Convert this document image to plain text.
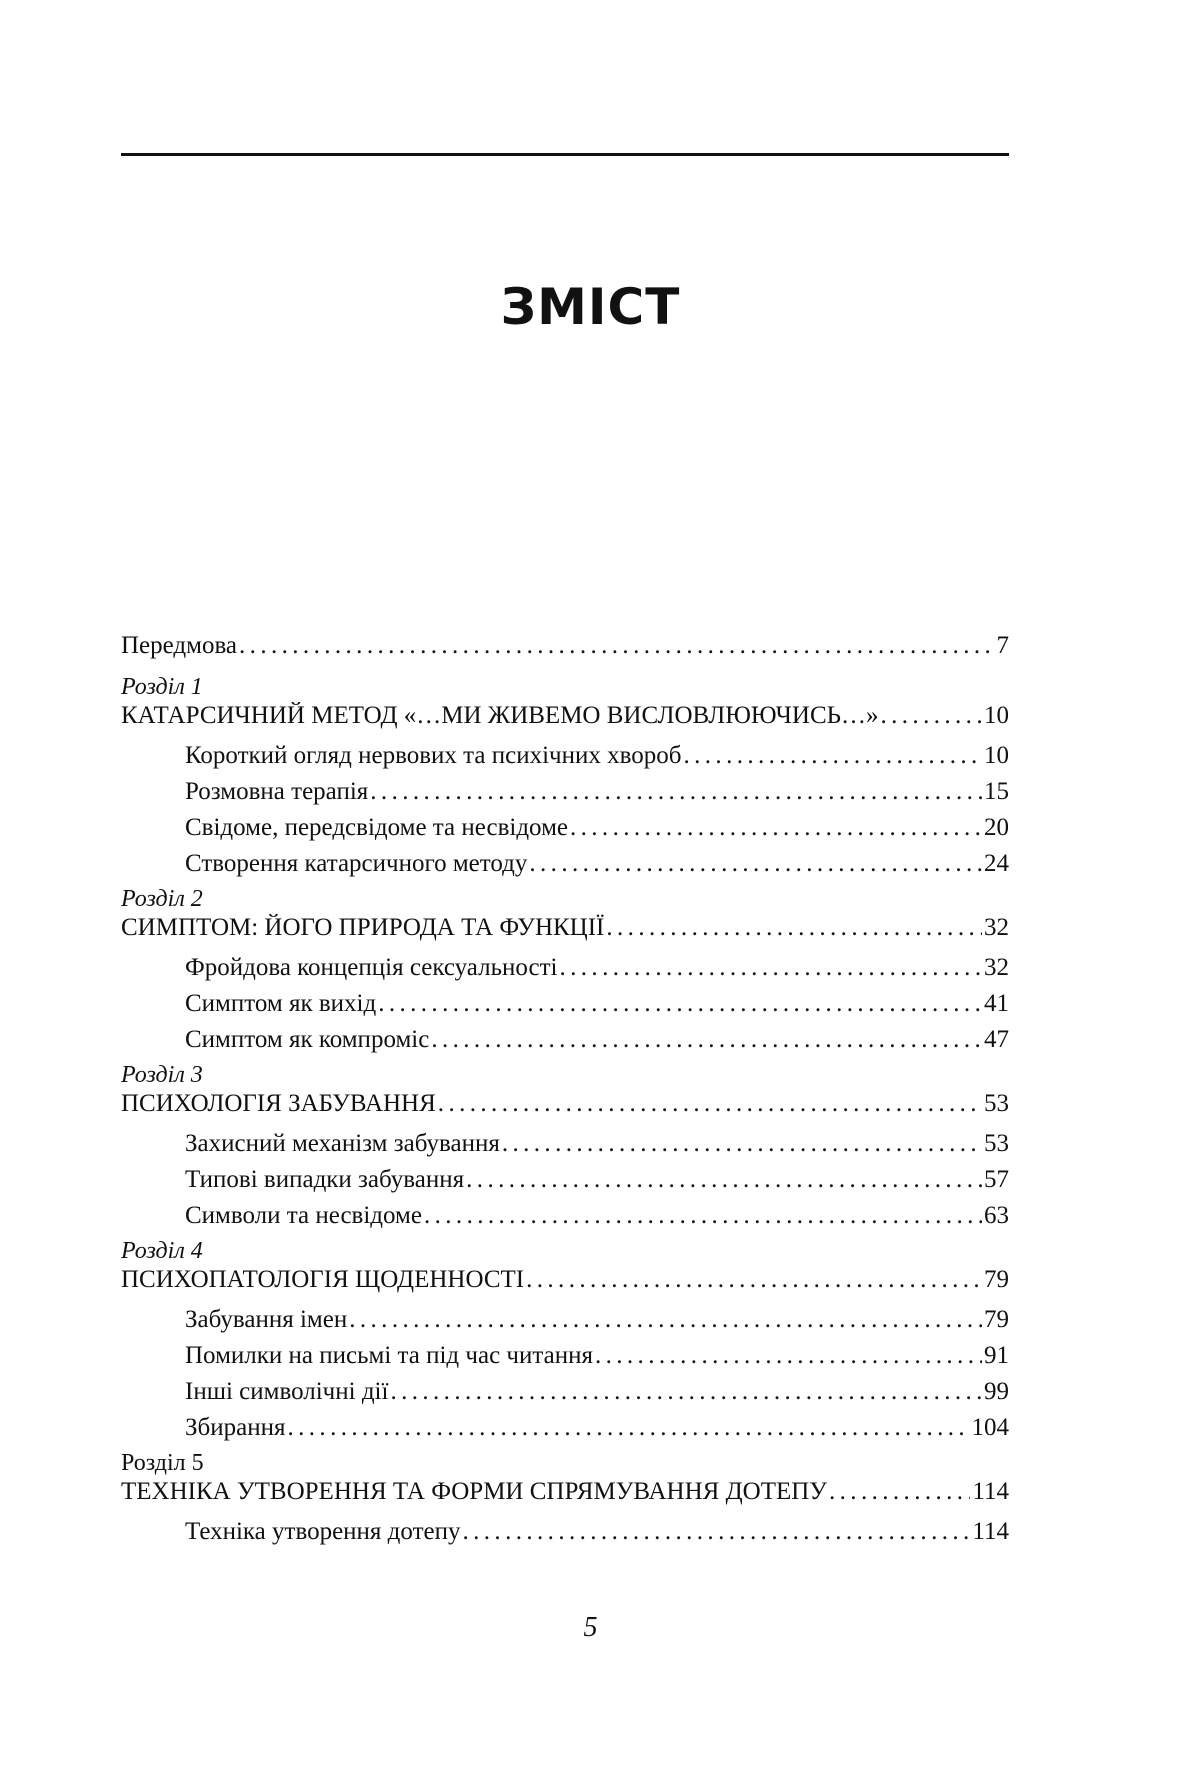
ЗМІСТ
Передмова .....	7
Розділ 1
КАТАРСИЧНИЙ МЕТОД «…МИ ЖИВЕМО ВИСЛОВЛЮЮЧИСЬ…» .....	10
Короткий огляд нервових та психічних хвороб .....	10
Розмовна терапія .....	15
Свідоме, передсвідоме та несвідоме .....	20
Створення катарсичного методу .....	24
Розділ 2
СИМПТОМ: ЙОГО ПРИРОДА ТА ФУНКЦІЇ .....	32
Фройдова концепція сексуальності .....	32
Симптом як вихід .....	41
Симптом як компроміс .....	47
Розділ 3
ПСИХОЛОГІЯ ЗАБУВАННЯ .....	53
Захисний механізм забування .....	53
Типові випадки забування .....	57
Символи та несвідоме .....	63
Розділ 4
ПСИХОПАТОЛОГІЯ ЩОДЕННОСТІ .....	79
Забування імен .....	79
Помилки на письмі та під час читання .....	91
Інші символічні дії .....	99
Збирання .....	104
Розділ 5
ТЕХНІКА УТВОРЕННЯ ТА ФОРМИ СПРЯМУВАННЯ ДОТЕПУ .....	114
Техніка утворення дотепу .....	114
5
